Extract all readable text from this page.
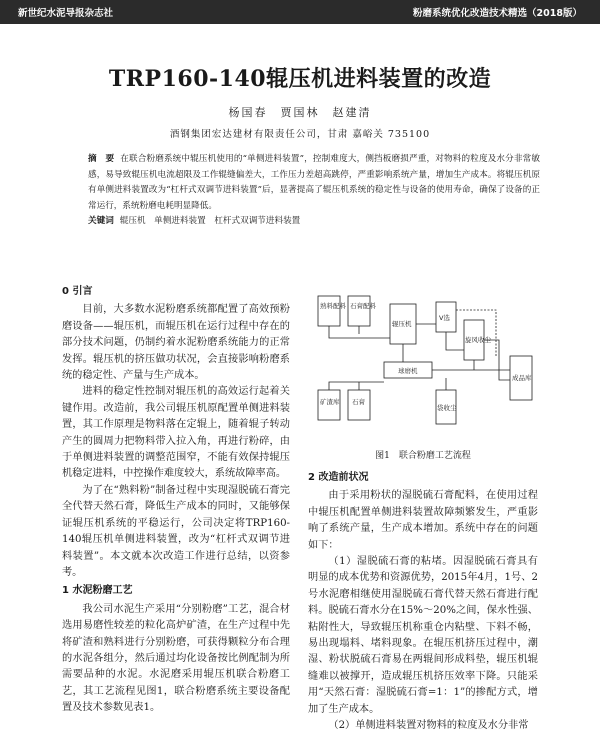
新世纪水泥导报杂志社	粉磨系统优化改造技术精选（2018版）
TRP160-140辊压机进料装置的改造
杨国春　贾国林　赵建清
酒钢集团宏达建材有限责任公司，甘肃 嘉峪关 735100
摘　要 在联合粉磨系统中辊压机使用的“单侧进料装置”，控制难度大，侧挡板磨损严重，对物料的粒度及水分非常敏感，易导致辊压机电流超限及工作辊缝偏差大，工作压力差超高跳停，严重影响系统产量，增加生产成本。将辊压机原有单侧进料装置改为“杠杆式双调节进料装置”后，显著提高了辊压机系统的稳定性与设备的使用寿命，确保了设备的正常运行，系统粉磨电耗明显降低。
关键词 辊压机　单侧进料装置　杠杆式双调节进料装置
0 引言

目前，大多数水泥粉磨系统都配置了高效预粉磨设备——辊压机，而辊压机在运行过程中存在的部分技术问题，仍制约着水泥粉磨系统能力的正常发挥。辊压机的挤压做功状况，会直接影响粉磨系统的稳定性、产量与生产成本。

进料的稳定性控制对辊压机的高效运行起着关键作用。改造前，我公司辊压机原配置单侧进料装置，其工作原理是物料落在定辊上，随着辊子转动产生的圆周力把物料带入拉入角，再进行粉碎，由于单侧进料装置的调整范围窄，不能有效保持辊压机稳定进料，中控操作难度较大，系统故障率高。

为了在“熟料粉”制备过程中实现湿脱硫石膏完全代替天然石膏，降低生产成本的同时，又能够保证辊压机系统的平稳运行，公司决定将TRP160-140辊压机单侧进料装置，改为“杠杆式双调节进料装置”。本文就本次改造工作进行总结，以资参考。

1 水泥粉磨工艺

我公司水泥生产采用“分别粉磨”工艺，混合材选用易磨性较差的粒化高炉矿渣，在生产过程中先将矿渣和熟料进行分别粉磨，可获得颗粒分布合理的水泥各组分，然后通过均化设备按比例配制为所需要品种的水泥。水泥磨采用辊压机联合粉磨工艺，其工艺流程见图1，联合粉磨系统主要设备配置及技术参数见表1。

熟料配料 石膏配料
矿渣库 石膏
辊压机
球磨机
V选
旋风收尘
袋收尘
成品库
图1　联合粉磨工艺流程
2 改造前状况

由于采用粉状的湿脱硫石膏配料，在使用过程中辊压机配置单侧进料装置故障频繁发生，严重影响了系统产量，生产成本增加。系统中存在的问题如下：

（1）湿脱硫石膏的粘堵。因湿脱硫石膏具有明显的成本优势和资源优势，2015年4月，1号、2号水泥磨相继使用湿脱硫石膏代替天然石膏进行配料。脱硫石膏水分在15%～20%之间，保水性强、粘附性大，导致辊压机称重仓内粘壁、下料不畅，易出现塌料、堵料现象。在辊压机挤压过程中，潮湿、粉状脱硫石膏易在两辊间形成料垫，辊压机辊缝难以被撑开，造成辊压机挤压效率下降。只能采用“天然石膏：湿脱硫石膏=1：1”的掺配方式，增加了生产成本。

（2）单侧进料装置对物料的粒度及水分非常
